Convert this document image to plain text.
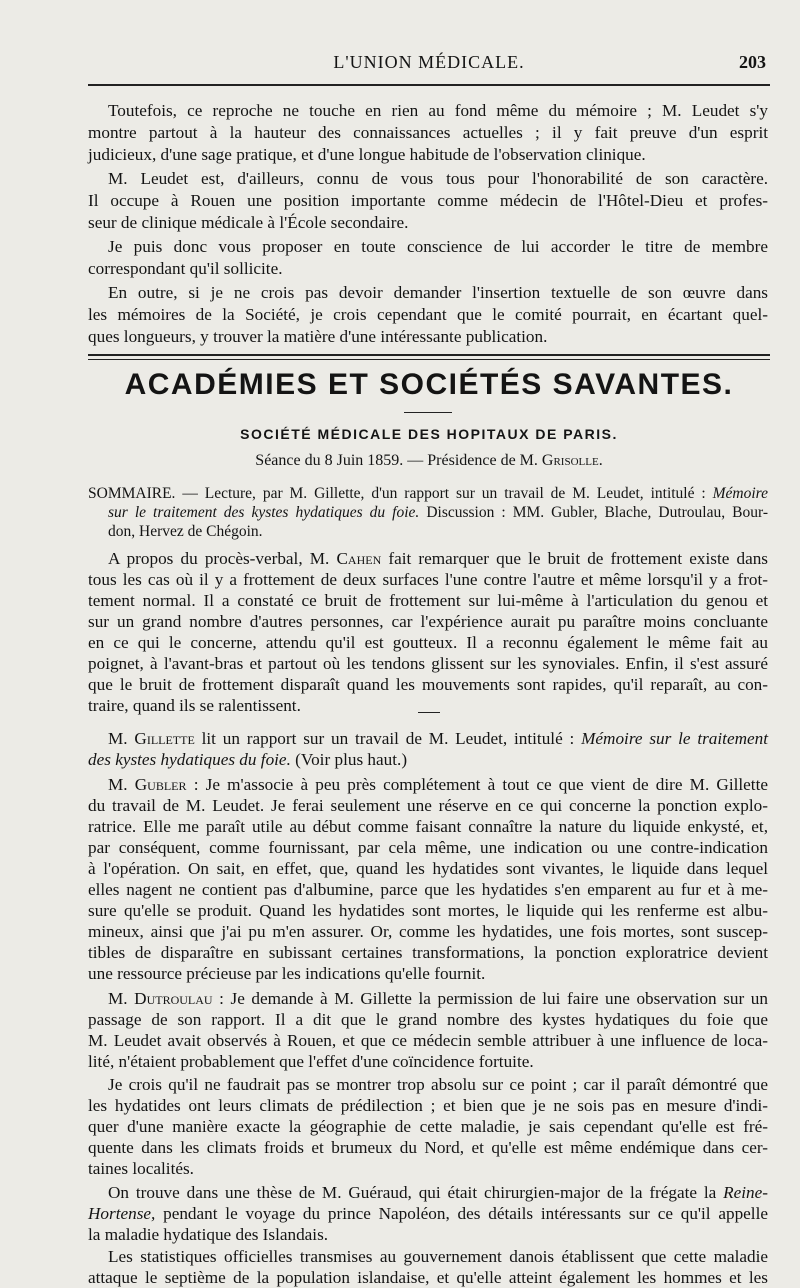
L'UNION MÉDICALE.	203
Toutefois, ce reproche ne touche en rien au fond même du mémoire ; M. Leudet s'y
montre partout à la hauteur des connaissances actuelles ; il y fait preuve d'un esprit
judicieux, d'une sage pratique, et d'une longue habitude de l'observation clinique.
M. Leudet est, d'ailleurs, connu de vous tous pour l'honorabilité de son caractère.
Il occupe à Rouen une position importante comme médecin de l'Hôtel-Dieu et profes-
seur de clinique médicale à l'École secondaire.
Je puis donc vous proposer en toute conscience de lui accorder le titre de membre
correspondant qu'il sollicite.
En outre, si je ne crois pas devoir demander l'insertion textuelle de son œuvre dans
les mémoires de la Société, je crois cependant que le comité pourrait, en écartant quel-
ques longueurs, y trouver la matière d'une intéressante publication.
ACADÉMIES ET SOCIÉTÉS SAVANTES.
SOCIÉTÉ MÉDICALE DES HOPITAUX DE PARIS.
Séance du 8 Juin 1859. — Présidence de M. Grisolle.
SOMMAIRE. — Lecture, par M. Gillette, d'un rapport sur un travail de M. Leudet, intitulé : Mémoire
sur le traitement des kystes hydatiques du foie. Discussion : MM. Gubler, Blache, Dutroulau, Bour-
don, Hervez de Chégoin.
A propos du procès-verbal, M. Cahen fait remarquer que le bruit de frottement existe dans
tous les cas où il y a frottement de deux surfaces l'une contre l'autre et même lorsqu'il y a frot-
tement normal. Il a constaté ce bruit de frottement sur lui-même à l'articulation du genou et
sur un grand nombre d'autres personnes, car l'expérience aurait pu paraître moins concluante
en ce qui le concerne, attendu qu'il est goutteux. Il a reconnu également le même fait au
poignet, à l'avant-bras et partout où les tendons glissent sur les synoviales. Enfin, il s'est assuré
que le bruit de frottement disparaît quand les mouvements sont rapides, qu'il reparaît, au con-
traire, quand ils se ralentissent.
M. Gillette lit un rapport sur un travail de M. Leudet, intitulé : Mémoire sur le traitement
des kystes hydatiques du foie. (Voir plus haut.)
M. Gubler : Je m'associe à peu près complétement à tout ce que vient de dire M. Gillette
du travail de M. Leudet. Je ferai seulement une réserve en ce qui concerne la ponction explo-
ratrice. Elle me paraît utile au début comme faisant connaître la nature du liquide enkysté, et,
par conséquent, comme fournissant, par cela même, une indication ou une contre-indication
à l'opération. On sait, en effet, que, quand les hydatides sont vivantes, le liquide dans lequel
elles nagent ne contient pas d'albumine, parce que les hydatides s'en emparent au fur et à me-
sure qu'elle se produit. Quand les hydatides sont mortes, le liquide qui les renferme est albu-
mineux, ainsi que j'ai pu m'en assurer. Or, comme les hydatides, une fois mortes, sont suscep-
tibles de disparaître en subissant certaines transformations, la ponction exploratrice devient
une ressource précieuse par les indications qu'elle fournit.
M. Dutroulau : Je demande à M. Gillette la permission de lui faire une observation sur un
passage de son rapport. Il a dit que le grand nombre des kystes hydatiques du foie que
M. Leudet avait observés à Rouen, et que ce médecin semble attribuer à une influence de loca-
lité, n'étaient probablement que l'effet d'une coïncidence fortuite.
Je crois qu'il ne faudrait pas se montrer trop absolu sur ce point ; car il paraît démontré que
les hydatides ont leurs climats de prédilection ; et bien que je ne sois pas en mesure d'indi-
quer d'une manière exacte la géographie de cette maladie, je sais cependant qu'elle est fré-
quente dans les climats froids et brumeux du Nord, et qu'elle est même endémique dans cer-
taines localités.
On trouve dans une thèse de M. Guéraud, qui était chirurgien-major de la frégate la Reine-
Hortense, pendant le voyage du prince Napoléon, des détails intéressants sur ce qu'il appelle
la maladie hydatique des Islandais.
Les statistiques officielles transmises au gouvernement danois établissent que cette maladie
attaque le septième de la population islandaise, et qu'elle atteint également les hommes et les
